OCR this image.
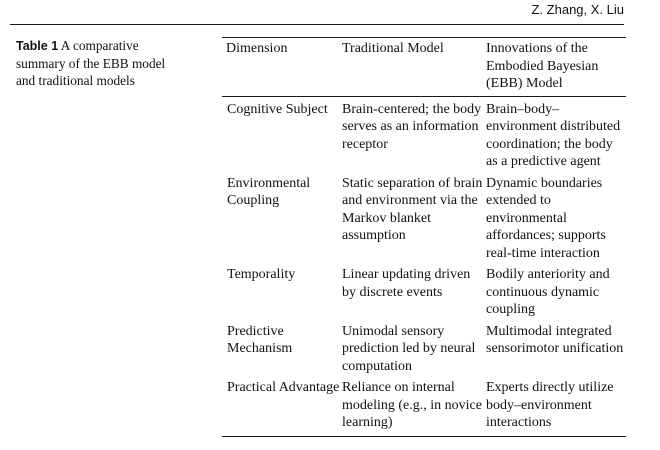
Z. Zhang, X. Liu
Table 1 A comparative summary of the EBB model and traditional models
Dimension	Traditional Model	Innovations of the Embodied Bayesian (EBB) Model
Cognitive Subject	Brain-centered; the body serves as an information receptor	Brain–body–environment distributed coordination; the body as a predictive agent
Environmental Coupling	Static separation of brain and environment via the Markov blanket assumption	Dynamic boundaries extended to environmental affordances; supports real-time interaction
Temporality	Linear updating driven by discrete events	Bodily anteriority and continuous dynamic coupling
Predictive Mechanism	Unimodal sensory prediction led by neural computation	Multimodal integrated sensorimotor unification
Practical Advantage	Reliance on internal modeling (e.g., in novice learning)	Experts directly utilize body–environment interactions
